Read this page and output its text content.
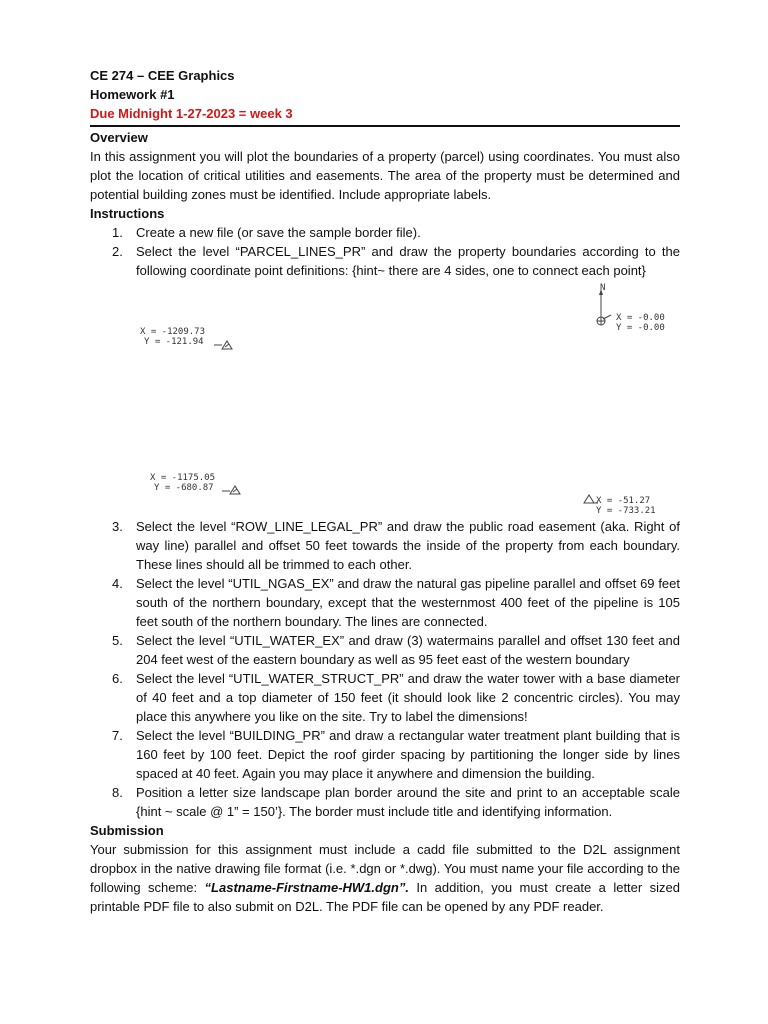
CE 274 – CEE Graphics
Homework #1
Due Midnight 1-27-2023 = week 3
Overview

In this assignment you will plot the boundaries of a property (parcel) using coordinates. You must also plot the location of critical utilities and easements. The area of the property must be determined and potential building zones must be identified. Include appropriate labels.

Instructions
1. Create a new file (or save the sample border file).
2. Select the level “PARCEL_LINES_PR” and draw the property boundaries according to the following coordinate point definitions: {hint~ there are 4 sides, one to connect each point}
N
X = -0.00
Y = -0.00
X = -1209.73
Y = -121.94
X = -1175.05
Y = -680.87
X = -51.27
Y = -733.21
3. Select the level “ROW_LINE_LEGAL_PR” and draw the public road easement (aka. Right of way line) parallel and offset 50 feet towards the inside of the property from each boundary. These lines should all be trimmed to each other.
4. Select the level “UTIL_NGAS_EX” and draw the natural gas pipeline parallel and offset 69 feet south of the northern boundary, except that the westernmost 400 feet of the pipeline is 105 feet south of the northern boundary. The lines are connected.
5. Select the level “UTIL_WATER_EX” and draw (3) watermains parallel and offset 130 feet and 204 feet west of the eastern boundary as well as 95 feet east of the western boundary
6. Select the level “UTIL_WATER_STRUCT_PR” and draw the water tower with a base diameter of 40 feet and a top diameter of 150 feet (it should look like 2 concentric circles). You may place this anywhere you like on the site. Try to label the dimensions!
7. Select the level “BUILDING_PR” and draw a rectangular water treatment plant building that is 160 feet by 100 feet. Depict the roof girder spacing by partitioning the longer side by lines spaced at 40 feet. Again you may place it anywhere and dimension the building.
8. Position a letter size landscape plan border around the site and print to an acceptable scale {hint ~ scale @ 1” = 150’}. The border must include title and identifying information.
Submission

Your submission for this assignment must include a cadd file submitted to the D2L assignment dropbox in the native drawing file format (i.e. *.dgn or *.dwg). You must name your file according to the following scheme: “Lastname-Firstname-HW1.dgn”. In addition, you must create a letter sized printable PDF file to also submit on D2L. The PDF file can be opened by any PDF reader.
